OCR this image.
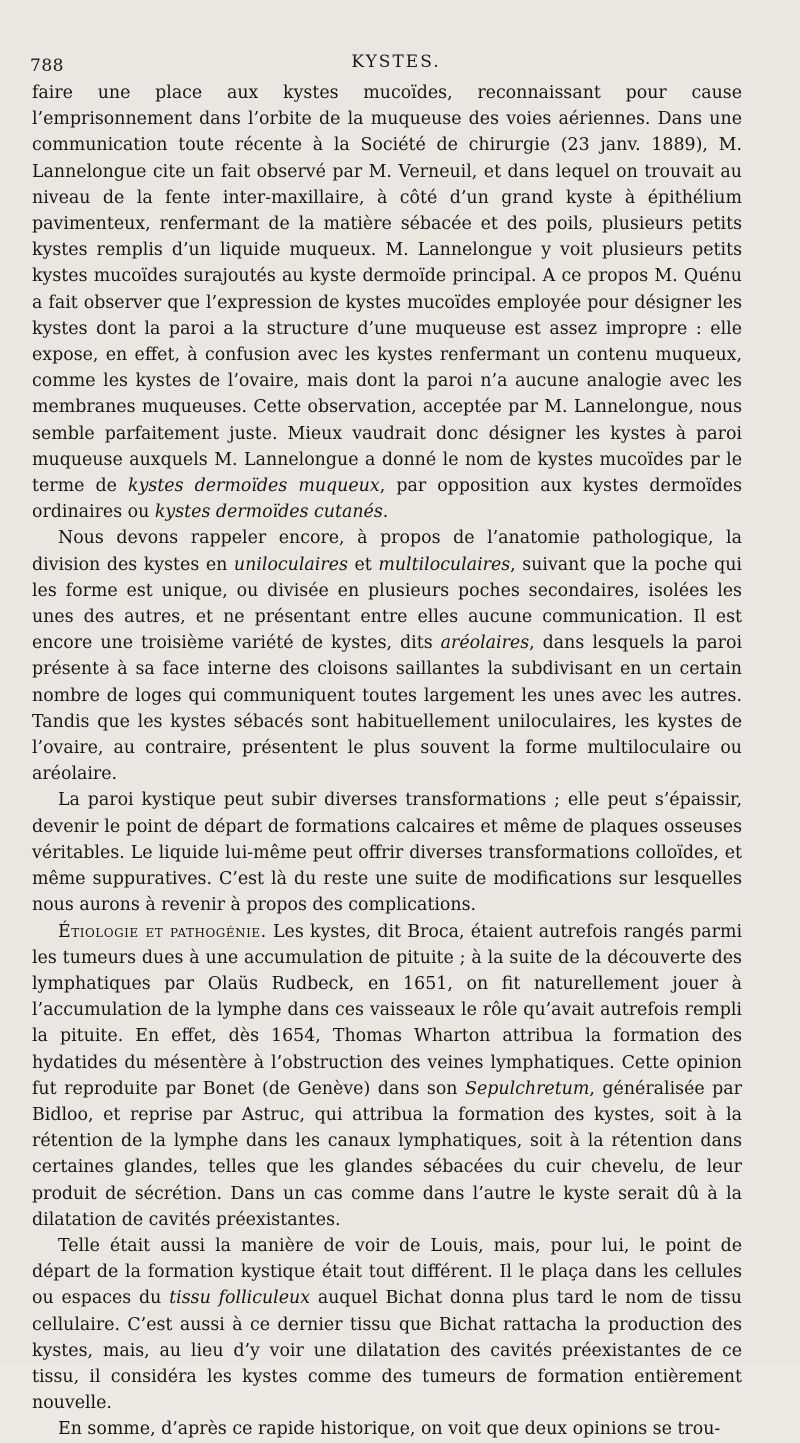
788	KYSTES.

faire une place aux kystes mucoïdes, reconnaissant pour cause l’emprisonnement dans l’orbite de la muqueuse des voies aériennes. Dans une communication toute récente à la Société de chirurgie (23 janv. 1889), M. Lannelongue cite un fait observé par M. Verneuil, et dans lequel on trouvait au niveau de la fente inter-maxillaire, à côté d’un grand kyste à épithélium pavimenteux, renfermant de la matière sébacée et des poils, plusieurs petits kystes remplis d’un liquide muqueux. M. Lannelongue y voit plusieurs petits kystes mucoïdes surajoutés au kyste dermoïde principal. A ce propos M. Quénu a fait observer que l’expression de kystes mucoïdes employée pour désigner les kystes dont la paroi a la structure d’une muqueuse est assez impropre : elle expose, en effet, à confusion avec les kystes renfermant un contenu muqueux, comme les kystes de l’ovaire, mais dont la paroi n’a aucune analogie avec les membranes muqueuses. Cette observation, acceptée par M. Lannelongue, nous semble parfaitement juste. Mieux vaudrait donc désigner les kystes à paroi muqueuse auxquels M. Lannelongue a donné le nom de kystes mucoïdes par le terme de kystes dermoïdes muqueux, par opposition aux kystes dermoïdes ordinaires ou kystes dermoïdes cutanés.

Nous devons rappeler encore, à propos de l’anatomie pathologique, la division des kystes en uniloculaires et multiloculaires, suivant que la poche qui les forme est unique, ou divisée en plusieurs poches secondaires, isolées les unes des autres, et ne présentant entre elles aucune communication. Il est encore une troisième variété de kystes, dits aréolaires, dans lesquels la paroi présente à sa face interne des cloisons saillantes la subdivisant en un certain nombre de loges qui communiquent toutes largement les unes avec les autres. Tandis que les kystes sébacés sont habituellement uniloculaires, les kystes de l’ovaire, au contraire, présentent le plus souvent la forme multiloculaire ou aréolaire.

La paroi kystique peut subir diverses transformations ; elle peut s’épaissir, devenir le point de départ de formations calcaires et même de plaques osseuses véritables. Le liquide lui-même peut offrir diverses transformations colloïdes, et même suppuratives. C’est là du reste une suite de modifications sur lesquelles nous aurons à revenir à propos des complications.

Étiologie et pathogénie. Les kystes, dit Broca, étaient autrefois rangés parmi les tumeurs dues à une accumulation de pituite ; à la suite de la découverte des lymphatiques par Olaüs Rudbeck, en 1651, on fit naturellement jouer à l’accumulation de la lymphe dans ces vaisseaux le rôle qu’avait autrefois rempli la pituite. En effet, dès 1654, Thomas Wharton attribua la formation des hydatides du mésentère à l’obstruction des veines lymphatiques. Cette opinion fut reproduite par Bonet (de Genève) dans son Sepulchretum, généralisée par Bidloo, et reprise par Astruc, qui attribua la formation des kystes, soit à la rétention de la lymphe dans les canaux lymphatiques, soit à la rétention dans certaines glandes, telles que les glandes sébacées du cuir chevelu, de leur produit de sécrétion. Dans un cas comme dans l’autre le kyste serait dû à la dilatation de cavités préexistantes.

Telle était aussi la manière de voir de Louis, mais, pour lui, le point de départ de la formation kystique était tout différent. Il le plaça dans les cellules ou espaces du tissu folliculeux auquel Bichat donna plus tard le nom de tissu cellulaire. C’est aussi à ce dernier tissu que Bichat rattacha la production des kystes, mais, au lieu d’y voir une dilatation des cavités préexistantes de ce tissu, il considéra les kystes comme des tumeurs de formation entièrement nouvelle.

En somme, d’après ce rapide historique, on voit que deux opinions se trou-
